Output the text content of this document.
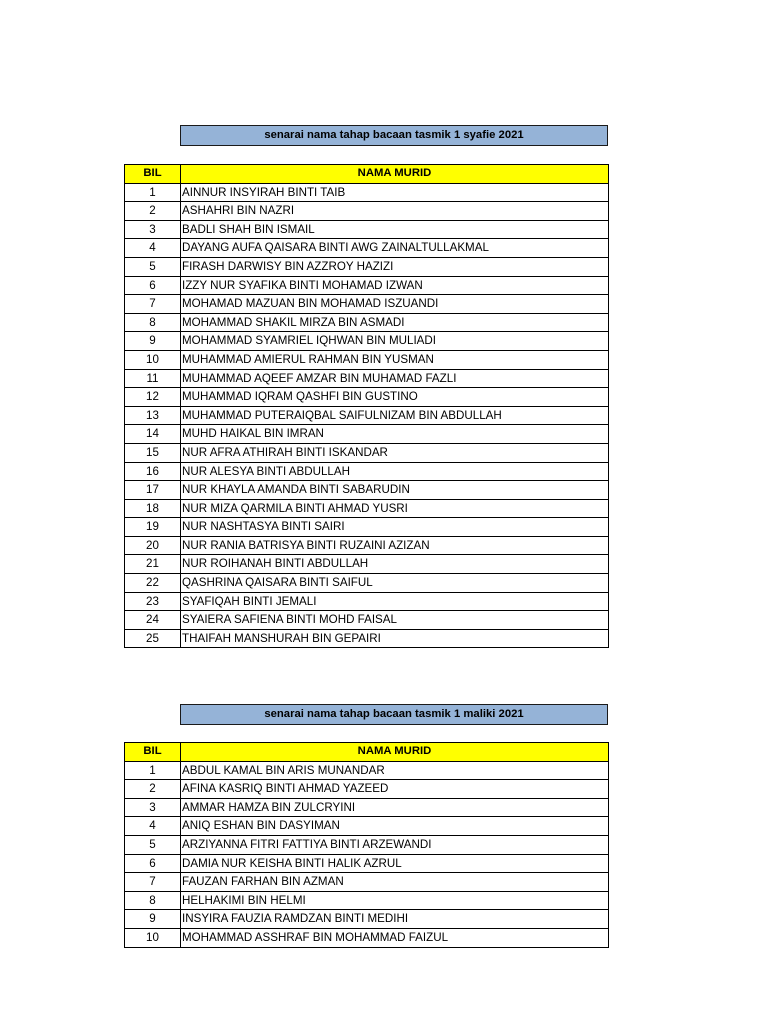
senarai nama tahap bacaan tasmik 1 syafie 2021
BIL	NAMA MURID
1	AINNUR INSYIRAH BINTI TAIB
2	ASHAHRI BIN NAZRI
3	BADLI SHAH BIN ISMAIL
4	DAYANG AUFA QAISARA BINTI AWG ZAINALTULLAKMAL
5	FIRASH DARWISY BIN AZZROY HAZIZI
6	IZZY NUR SYAFIKA BINTI MOHAMAD IZWAN
7	MOHAMAD MAZUAN BIN MOHAMAD ISZUANDI
8	MOHAMMAD SHAKIL MIRZA BIN ASMADI
9	MOHAMMAD SYAMRIEL IQHWAN BIN MULIADI
10	MUHAMMAD AMIERUL RAHMAN BIN YUSMAN
11	MUHAMMAD AQEEF AMZAR BIN MUHAMAD FAZLI
12	MUHAMMAD IQRAM QASHFI BIN GUSTINO
13	MUHAMMAD PUTERAIQBAL SAIFULNIZAM BIN ABDULLAH
14	MUHD HAIKAL BIN IMRAN
15	NUR AFRA ATHIRAH BINTI ISKANDAR
16	NUR ALESYA BINTI ABDULLAH
17	NUR KHAYLA AMANDA BINTI SABARUDIN
18	NUR MIZA QARMILA BINTI AHMAD YUSRI
19	NUR NASHTASYA BINTI SAIRI
20	NUR RANIA BATRISYA BINTI RUZAINI AZIZAN
21	NUR ROIHANAH BINTI ABDULLAH
22	QASHRINA QAISARA BINTI SAIFUL
23	SYAFIQAH BINTI JEMALI
24	SYAIERA SAFIENA BINTI MOHD FAISAL
25	THAIFAH MANSHURAH BIN GEPAIRI
senarai nama tahap bacaan tasmik 1 maliki 2021
BIL	NAMA MURID
1	ABDUL KAMAL BIN ARIS MUNANDAR
2	AFINA KASRIQ BINTI AHMAD YAZEED
3	AMMAR HAMZA BIN ZULCRYINI
4	ANIQ ESHAN BIN DASYIMAN
5	ARZIYANNA FITRI FATTIYA BINTI ARZEWANDI
6	DAMIA NUR KEISHA BINTI HALIK AZRUL
7	FAUZAN FARHAN BIN AZMAN
8	HELHAKIMI BIN HELMI
9	INSYIRA FAUZIA RAMDZAN BINTI MEDIHI
10	MOHAMMAD ASSHRAF BIN MOHAMMAD FAIZUL
